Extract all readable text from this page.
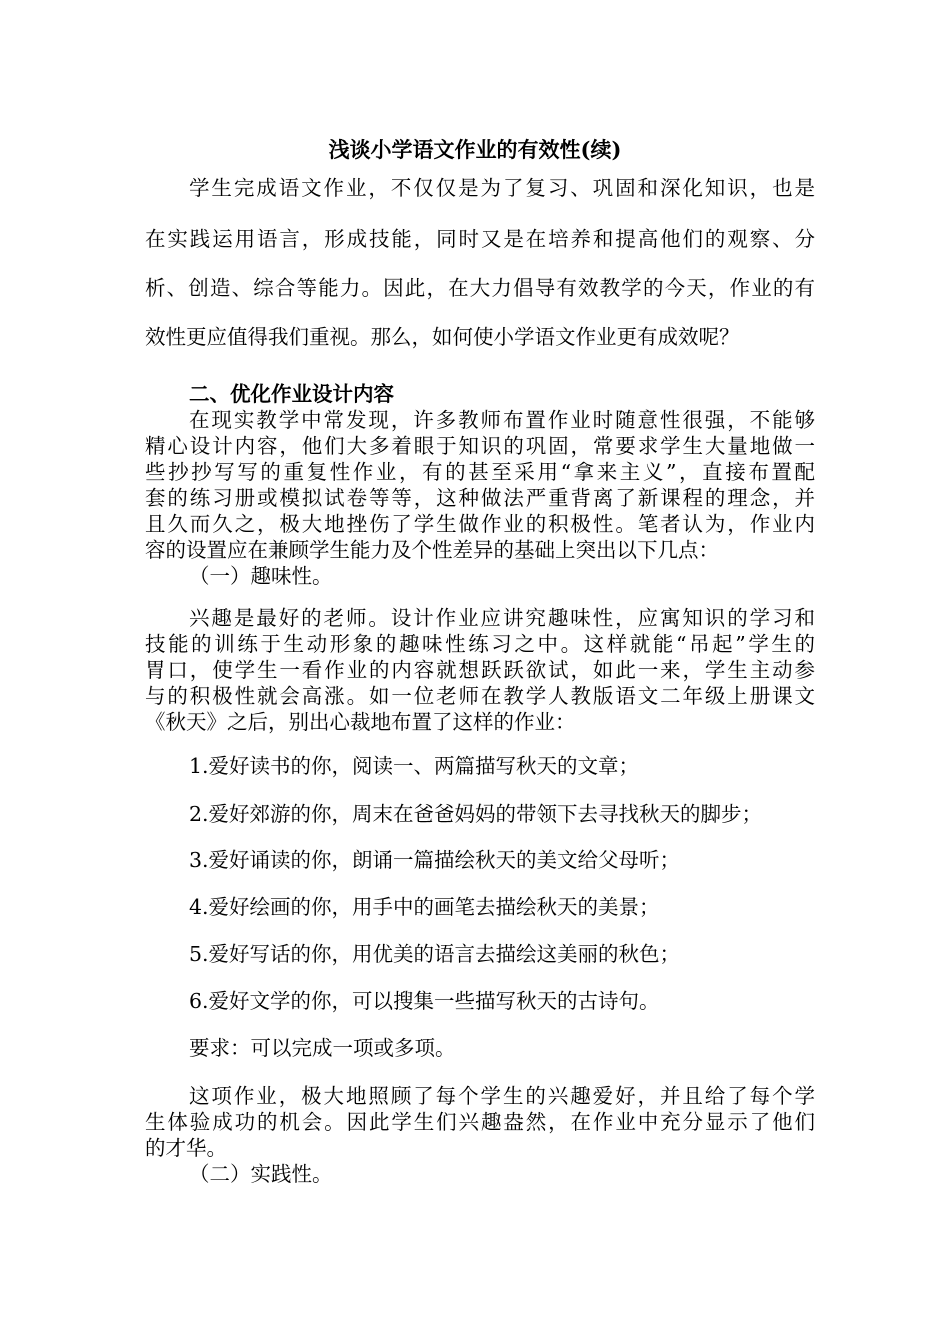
浅谈小学语文作业的有效性(续)
学生完成语文作业，不仅仅是为了复习、巩固和深化知识，也是
在实践运用语言，形成技能，同时又是在培养和提高他们的观察、分
析、创造、综合等能力。因此，在大力倡导有效教学的今天，作业的有
效性更应值得我们重视。那么，如何使小学语文作业更有成效呢？
二、优化作业设计内容
在现实教学中常发现，许多教师布置作业时随意性很强，不能够
精心设计内容，他们大多着眼于知识的巩固，常要求学生大量地做一
些抄抄写写的重复性作业，有的甚至采用“拿来主义”，直接布置配
套的练习册或模拟试卷等等，这种做法严重背离了新课程的理念，并
且久而久之，极大地挫伤了学生做作业的积极性。笔者认为，作业内
容的设置应在兼顾学生能力及个性差异的基础上突出以下几点：
（一）趣味性。
兴趣是最好的老师。设计作业应讲究趣味性，应寓知识的学习和
技能的训练于生动形象的趣味性练习之中。这样就能“吊起”学生的
胃口，使学生一看作业的内容就想跃跃欲试，如此一来，学生主动参
与的积极性就会高涨。如一位老师在教学人教版语文二年级上册课文
《秋天》之后，别出心裁地布置了这样的作业：
1.爱好读书的你，阅读一、两篇描写秋天的文章；
2.爱好郊游的你，周末在爸爸妈妈的带领下去寻找秋天的脚步；
3.爱好诵读的你，朗诵一篇描绘秋天的美文给父母听；
4.爱好绘画的你，用手中的画笔去描绘秋天的美景；
5.爱好写话的你，用优美的语言去描绘这美丽的秋色；
6.爱好文学的你，可以搜集一些描写秋天的古诗句。
要求：可以完成一项或多项。
这项作业，极大地照顾了每个学生的兴趣爱好，并且给了每个学
生体验成功的机会。因此学生们兴趣盎然，在作业中充分显示了他们
的才华。
（二）实践性。
